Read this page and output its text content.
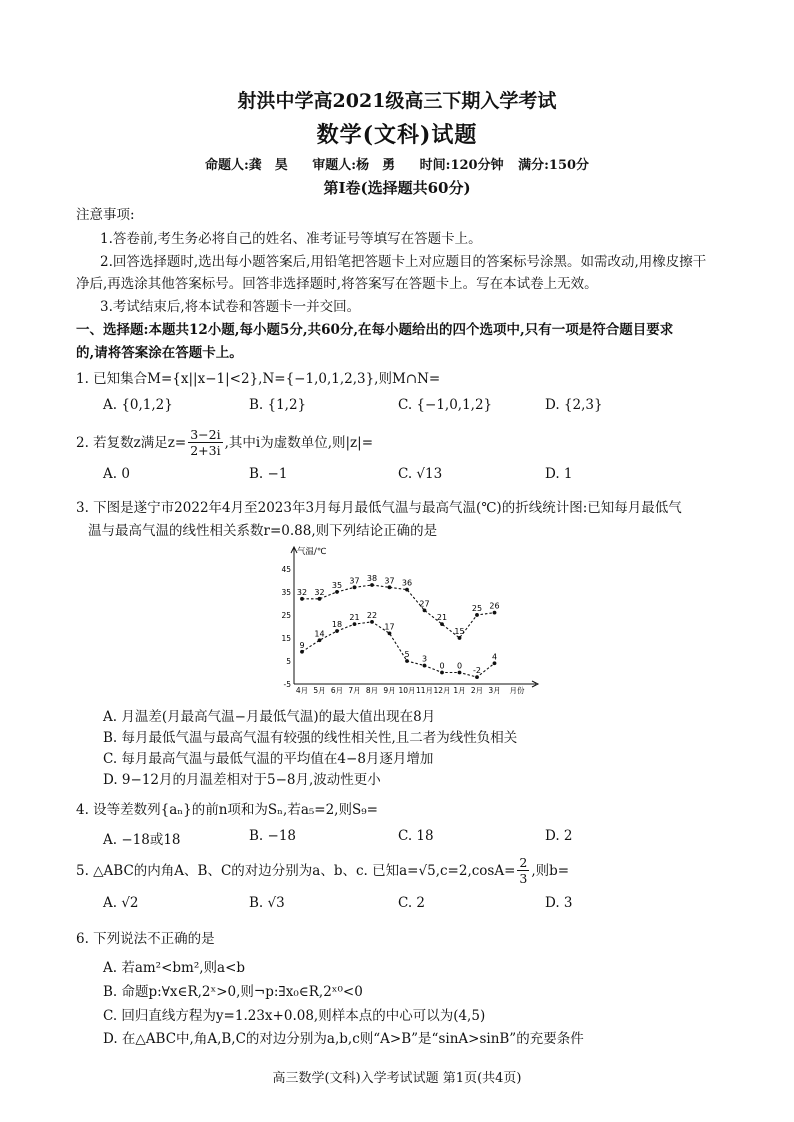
射洪中学高2021级高三下期入学考试
数学(文科)试题
命题人:龚　昊 审题人:杨　勇 时间:120分钟 满分:150分
第Ⅰ卷(选择题共60分)
注意事项:
1.答卷前,考生务必将自己的姓名、准考证号等填写在答题卡上。
2.回答选择题时,选出每小题答案后,用铅笔把答题卡上对应题目的答案标号涂黑。如需改动,用橡皮擦干
净后,再选涂其他答案标号。回答非选择题时,将答案写在答题卡上。写在本试卷上无效。
3.考试结束后,将本试卷和答题卡一并交回。
一、选择题:本题共12小题,每小题5分,共60分,在每小题给出的四个选项中,只有一项是符合题目要求
的,请将答案涂在答题卡上。
1. 已知集合M={x||x−1|<2},N={−1,0,1,2,3},则M∩N=
A. {0,1,2}	B. {1,2}	C. {−1,0,1,2}	D. {2,3}
2. 若复数z满足$z= \frac{3-2i}{2+3i}$ ,其中i为虚数单位,则|z|=
A. 0	B. −1	C. √13	D. 1
3. 下图是遂宁市2022年4月至2023年3月每月最低气温与最高气温(℃)的折线统计图:已知每月最低气
温与最高气温的线性相关系数r=0.88,则下列结论正确的是
气温/℃
-5
5
15
25
35
45
4月 5月 6月 7月 8月 9月 10月 11月 12月 1月 2月 3月 月份
32 32
35
37 38 37 36
27
21
15
25 26
9
14
18
21 22
17
5
3
0 0
-2
4
A. 月温差(月最高气温−月最低气温)的最大值出现在8月
B. 每月最低气温与最高气温有较强的线性相关性,且二者为线性负相关
C. 每月最高气温与最低气温的平均值在4−8月逐月增加
D. 9−12月的月温差相对于5−8月,波动性更小
4. 设等差数列{aₙ}的前n项和为Sₙ,若a₅=2,则S₉=
A. −18或18	B. −18	C. 18	D. 2
5. △ABC的内角A、B、C的对边分别为a、b、c. 已知$a=√5,c=2,\cos A= \frac{2}{3}$ ,则b=
A. √2	B. √3	C. 2	D. 3
6. 下列说法不正确的是
A. 若am²<bm²,则a<b
B. 命题p:∀x∈R,2ˣ>0,则¬p:∃x₀∈R,2ˣ⁰<0
C. 回归直线方程为y=1.23x+0.08,则样本点的中心可以为(4,5)
D. 在△ABC中,角A,B,C的对边分别为a,b,c则“A>B”是“sinA>sinB”的充要条件
高三数学(文科)入学考试试题 第1页(共4页)
